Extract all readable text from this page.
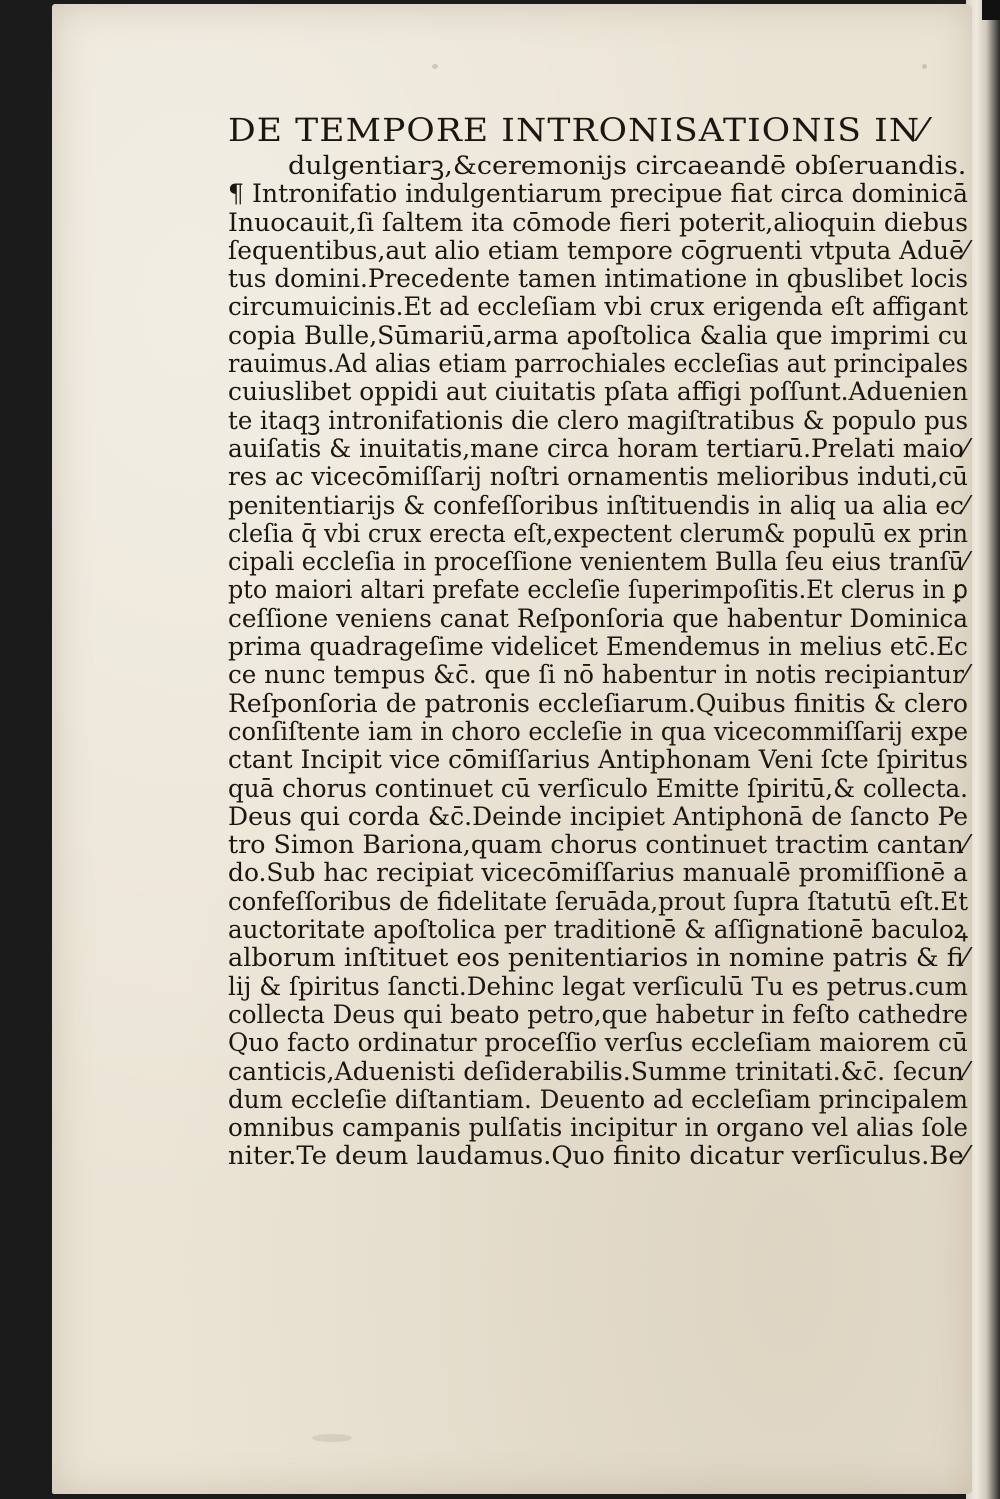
DE TEMPORE INTRONISATIONIS IN⁄
dulgentiarꝫ,&ceremonijs circaeandē obſeruandis.
¶ Intronifatio indulgentiarum precipue fiat circa dominicā
Inuocauit,ſi ſaltem ita cōmode fieri poterit,alioquin diebus
ſequentibus,aut alio etiam tempore cōgruenti vtputa Aduē⁄
tus domini.Precedente tamen intimatione in qbuslibet locis
circumuicinis.Et ad eccleſiam vbi crux erigenda eſt affigant
copia Bulle,Sūmariū,arma apoſtolica &alia que imprimi cu
rauimus.Ad alias etiam parrochiales eccleſias aut principales
cuiuslibet oppidi aut ciuitatis pſata affigi poſſunt.Aduenien
te itaqꝫ intronifationis die clero magiſtratibus & populo pus
auiſatis & inuitatis,mane circa horam tertiarū.Prelati maio⁄
res ac vicecōmiſſarij noſtri ornamentis melioribus induti,cū
penitentiarijs & confeſſoribus inſtituendis in aliq ua alia ec⁄
cleſia q̄ vbi crux erecta eſt,expectent clerum& populū ex prin
cipali eccleſia in proceſſione venientem Bulla ſeu eius tranſū⁄
pto maiori altari prefate eccleſie ſuperimpoſitis.Et clerus in ꝑ
ceſſione veniens canat Reſponſoria que habentur Dominica
prima quadrageſime videlicet Emendemus in melius etc̄.Ec
ce nunc tempus &c̄. que ſi nō habentur in notis recipiantur⁄
Reſponſoria de patronis eccleſiarum.Quibus finitis & clero
conſiſtente iam in choro eccleſie in qua vicecommiſſarij expe
ctant Incipit vice cōmiſſarius Antiphonam Veni ſcte ſpiritus
quā chorus continuet cū verſiculo Emitte ſpiritū,& collecta.
Deus qui corda &c̄.Deinde incipiet Antiphonā de ſancto Pe
tro Simon Bariona,quam chorus continuet tractim cantan⁄
do.Sub hac recipiat vicecōmiſſarius manualē promiſſionē a
confeſſoribus de fidelitate ſeruāda,prout ſupra ſtatutū eſt.Et
auctoritate apoſtolica per traditionē & aſſignationē baculoꝝ
alborum inſtituet eos penitentiarios in nomine patris & fi⁄
lij & ſpiritus ſancti.Dehinc legat verſiculū Tu es petrus.cum
collecta Deus qui beato petro,que habetur in feſto cathedre
Quo facto ordinatur proceſſio verſus eccleſiam maiorem cū
canticis,Aduenisti deſiderabilis.Summe trinitati.&c̄. ſecun⁄
dum eccleſie diſtantiam. Deuento ad eccleſiam principalem
omnibus campanis pulſatis incipitur in organo vel alias ſole
niter.Te deum laudamus.Quo finito dicatur verſiculus.Be⁄
